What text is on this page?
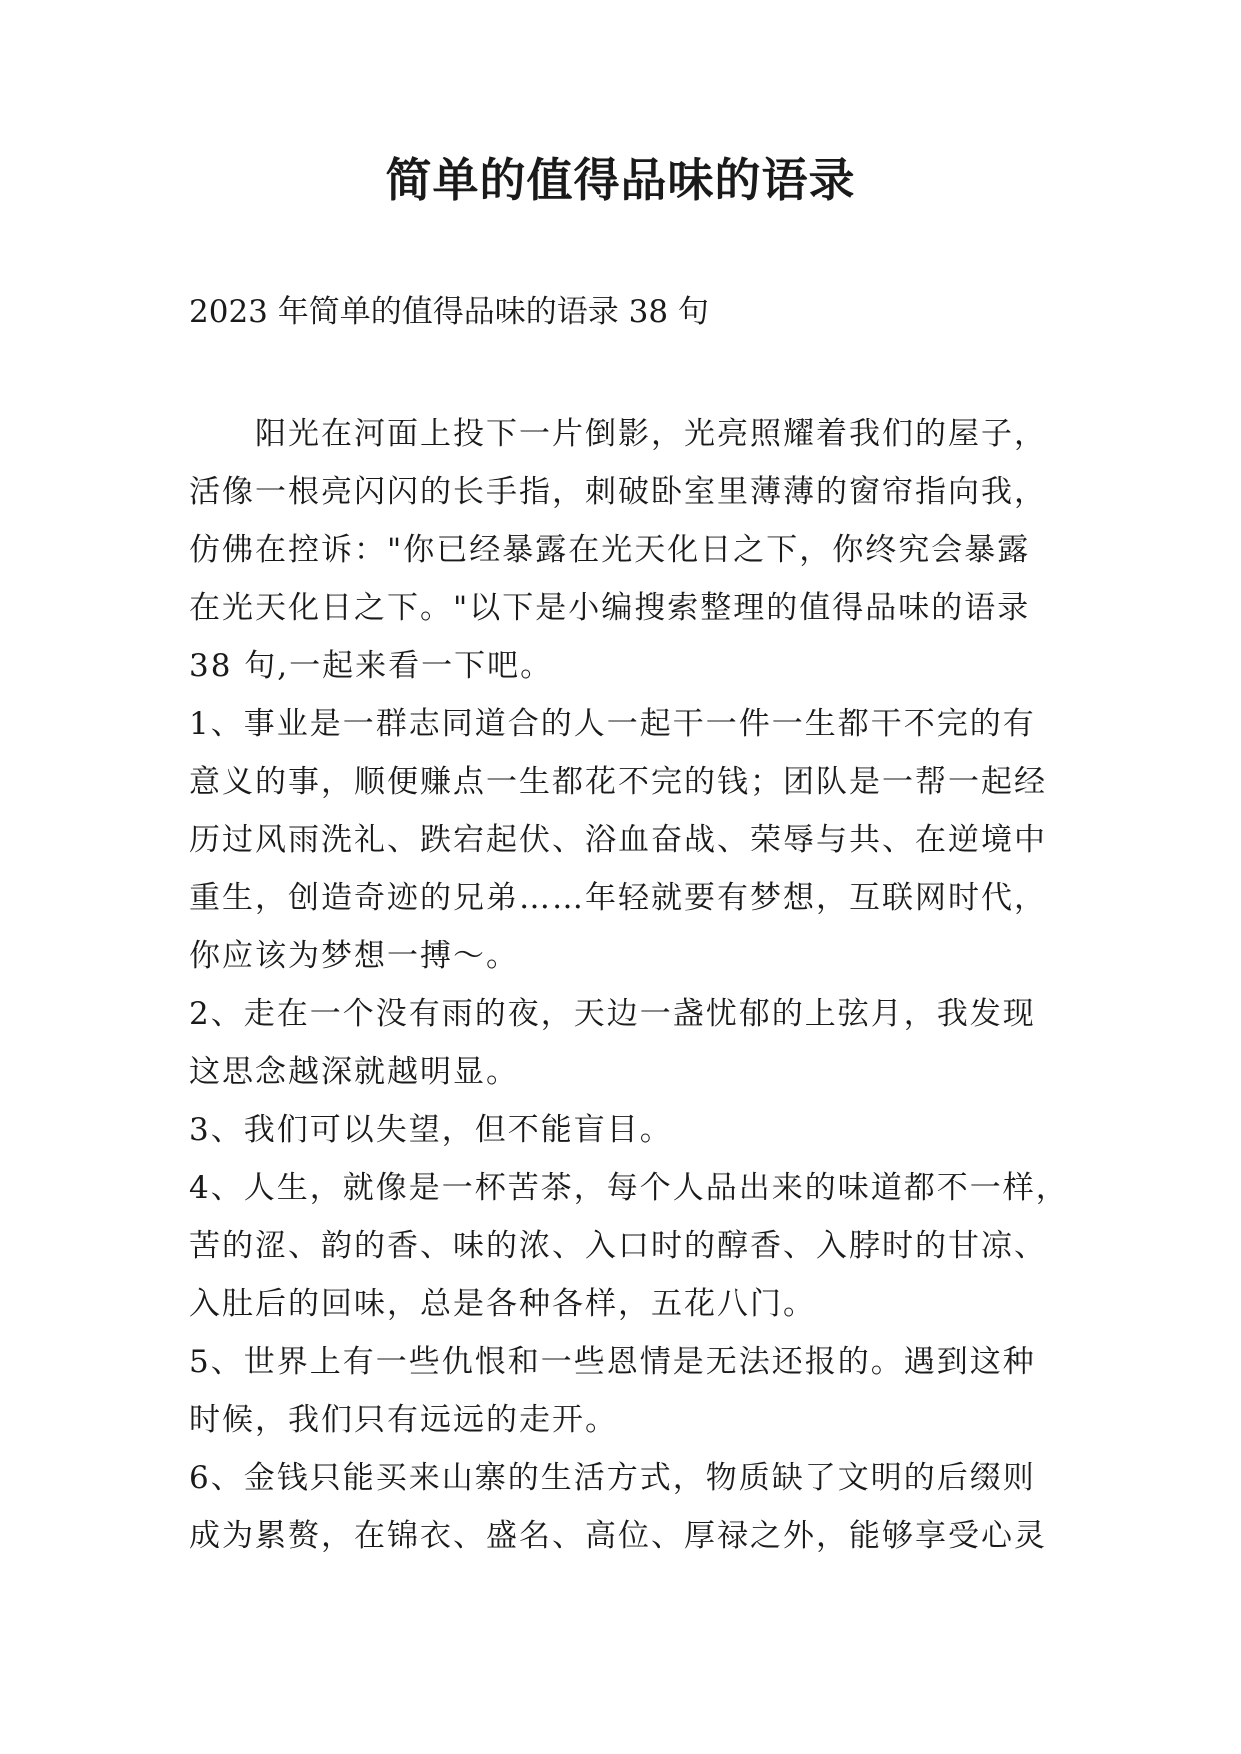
简单的值得品味的语录

2023 年简单的值得品味的语录 38 句

　　阳光在河面上投下一片倒影，光亮照耀着我们的屋子，
活像一根亮闪闪的长手指，刺破卧室里薄薄的窗帘指向我，
仿佛在控诉："你已经暴露在光天化日之下，你终究会暴露
在光天化日之下。"以下是小编搜索整理的值得品味的语录
38 句,一起来看一下吧。
1、事业是一群志同道合的人一起干一件一生都干不完的有
意义的事，顺便赚点一生都花不完的钱；团队是一帮一起经
历过风雨洗礼、跌宕起伏、浴血奋战、荣辱与共、在逆境中
重生，创造奇迹的兄弟……年轻就要有梦想，互联网时代，
你应该为梦想一搏～。
2、走在一个没有雨的夜，天边一盏忧郁的上弦月，我发现
这思念越深就越明显。
3、我们可以失望，但不能盲目。
4、人生，就像是一杯苦茶，每个人品出来的味道都不一样，
苦的涩、韵的香、味的浓、入口时的醇香、入脖时的甘凉、
入肚后的回味，总是各种各样，五花八门。
5、世界上有一些仇恨和一些恩情是无法还报的。遇到这种
时候，我们只有远远的走开。
6、金钱只能买来山寨的生活方式，物质缺了文明的后缀则
成为累赘，在锦衣、盛名、高位、厚禄之外，能够享受心灵
